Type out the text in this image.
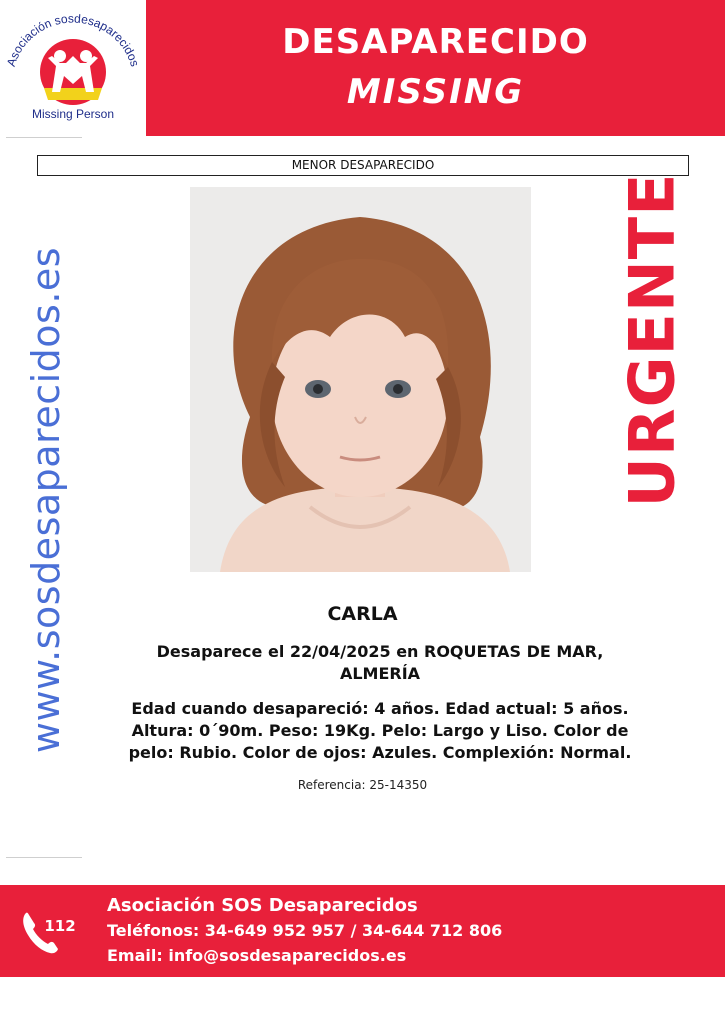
Asociación sosdesaparecidos
Missing Person
DESAPARECIDO
MISSING
MENOR DESAPARECIDO
www.sosdesaparecidos.es	URGENTE
CARLA
Desaparece el 22/04/2025 en ROQUETAS DE MAR,
ALMERÍA
Edad cuando desapareció: 4 años. Edad actual: 5 años.
Altura: 0´90m. Peso: 19Kg. Pelo: Largo y Liso. Color de
pelo: Rubio. Color de ojos: Azules. Complexión: Normal.
Referencia: 25-14350
112
Asociación SOS Desaparecidos
Teléfonos: 34-649 952 957 / 34-644 712 806
Email: info@sosdesaparecidos.es
